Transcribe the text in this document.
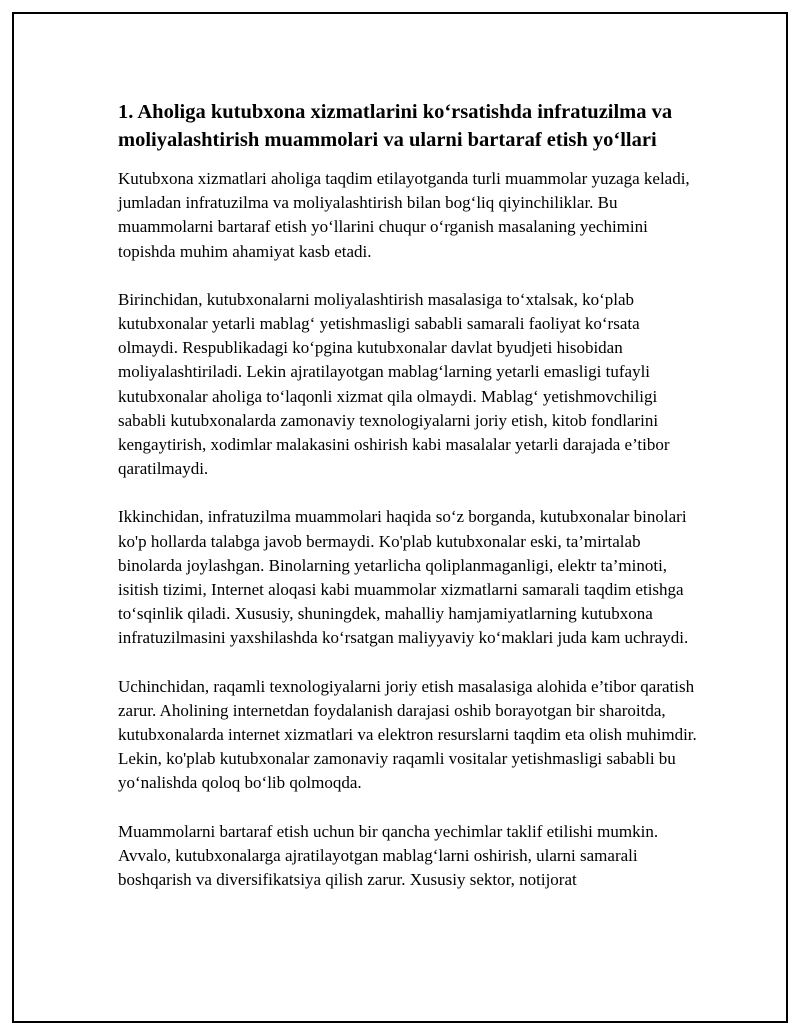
1. Aholiga kutubxona xizmatlarini ko‘rsatishda infratuzilma va moliyalashtirish muammolari va ularni bartaraf etish yo‘llari

Kutubxona xizmatlari aholiga taqdim etilayotganda turli muammolar yuzaga keladi, jumladan infratuzilma va moliyalashtirish bilan bog‘liq qiyinchiliklar. Bu muammolarni bartaraf etish yo‘llarini chuqur o‘rganish masalaning yechimini topishda muhim ahamiyat kasb etadi.

Birinchidan, kutubxonalarni moliyalashtirish masalasiga to‘xtalsak, ko‘plab kutubxonalar yetarli mablag‘ yetishmasligi sababli samarali faoliyat ko‘rsata olmaydi. Respublikadagi ko‘pgina kutubxonalar davlat byudjeti hisobidan moliyalashtiriladi. Lekin ajratilayotgan mablag‘larning yetarli emasligi tufayli kutubxonalar aholiga to‘laqonli xizmat qila olmaydi. Mablag‘ yetishmovchiligi sababli kutubxonalarda zamonaviy texnologiyalarni joriy etish, kitob fondlarini kengaytirish, xodimlar malakasini oshirish kabi masalalar yetarli darajada e’tibor qaratilmaydi.

Ikkinchidan, infratuzilma muammolari haqida so‘z borganda, kutubxonalar binolari ko'p hollarda talabga javob bermaydi. Ko'plab kutubxonalar eski, ta’mirtalab binolarda joylashgan. Binolarning yetarlicha qoliplanmaganligi, elektr ta’minoti, isitish tizimi, Internet aloqasi kabi muammolar xizmatlarni samarali taqdim etishga to‘sqinlik qiladi. Xususiy, shuningdek, mahalliy hamjamiyatlarning kutubxona infratuzilmasini yaxshilashda ko‘rsatgan maliyyaviy ko‘maklari juda kam uchraydi.

Uchinchidan, raqamli texnologiyalarni joriy etish masalasiga alohida e’tibor qaratish zarur. Aholining internetdan foydalanish darajasi oshib borayotgan bir sharoitda, kutubxonalarda internet xizmatlari va elektron resurslarni taqdim eta olish muhimdir. Lekin, ko'plab kutubxonalar zamonaviy raqamli vositalar yetishmasligi sababli bu yo‘nalishda qoloq bo‘lib qolmoqda.

Muammolarni bartaraf etish uchun bir qancha yechimlar taklif etilishi mumkin. Avvalo, kutubxonalarga ajratilayotgan mablag‘larni oshirish, ularni samarali boshqarish va diversifikatsiya qilish zarur. Xususiy sektor, notijorat
